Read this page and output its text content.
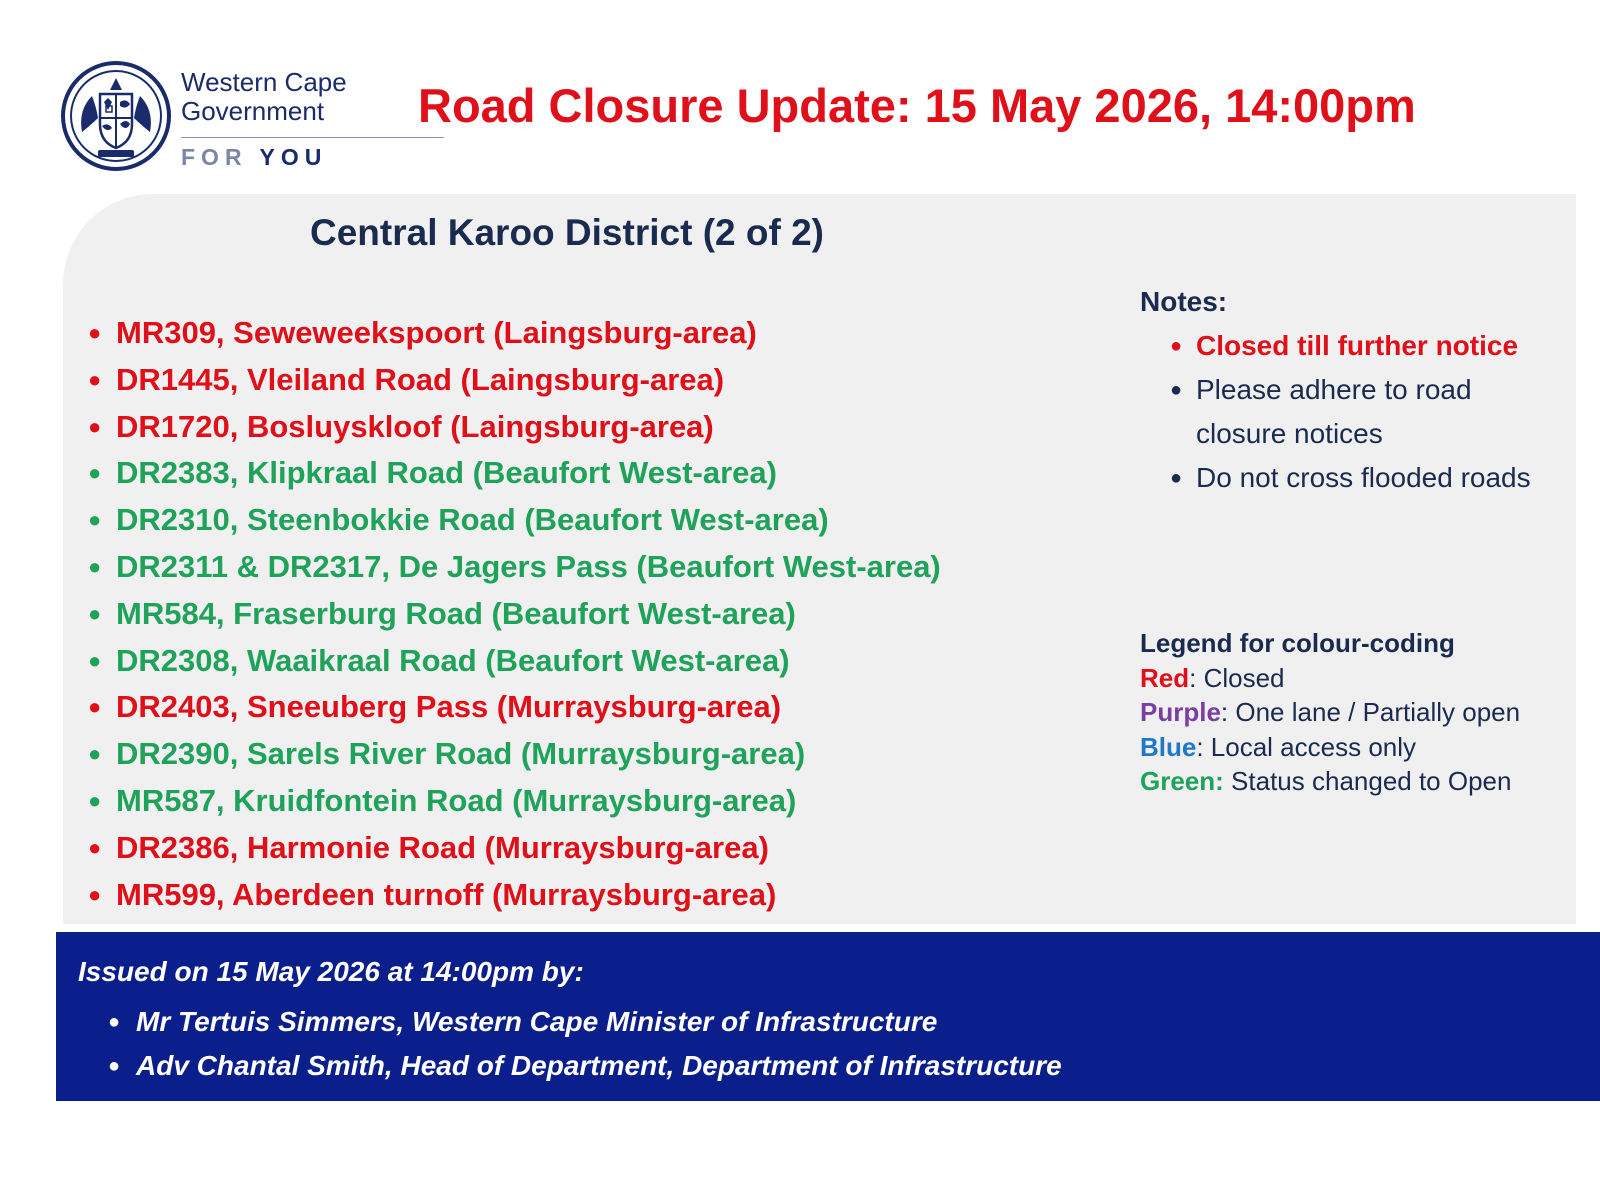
Western Cape
Government
FOR YOU
Road Closure Update: 15 May 2026, 14:00pm
Central Karoo District (2 of 2)
● MR309, Seweweekspoort (Laingsburg-area)
● DR1445, Vleiland Road (Laingsburg-area)
● DR1720, Bosluyskloof (Laingsburg-area)
● DR2383, Klipkraal Road (Beaufort West-area)
● DR2310, Steenbokkie Road (Beaufort West-area)
● DR2311 & DR2317, De Jagers Pass (Beaufort West-area)
● MR584, Fraserburg Road (Beaufort West-area)
● DR2308, Waaikraal Road (Beaufort West-area)
● DR2403, Sneeuberg Pass (Murraysburg-area)
● DR2390, Sarels River Road (Murraysburg-area)
● MR587, Kruidfontein Road (Murraysburg-area)
● DR2386, Harmonie Road (Murraysburg-area)
● MR599, Aberdeen turnoff (Murraysburg-area)
Notes:
● Closed till further notice
● Please adhere to road closure notices
● Do not cross flooded roads
Legend for colour-coding
Red: Closed
Purple: One lane / Partially open
Blue: Local access only
Green: Status changed to Open
Issued on 15 May 2026 at 14:00pm by:
● Mr Tertuis Simmers, Western Cape Minister of Infrastructure
● Adv Chantal Smith, Head of Department, Department of Infrastructure
